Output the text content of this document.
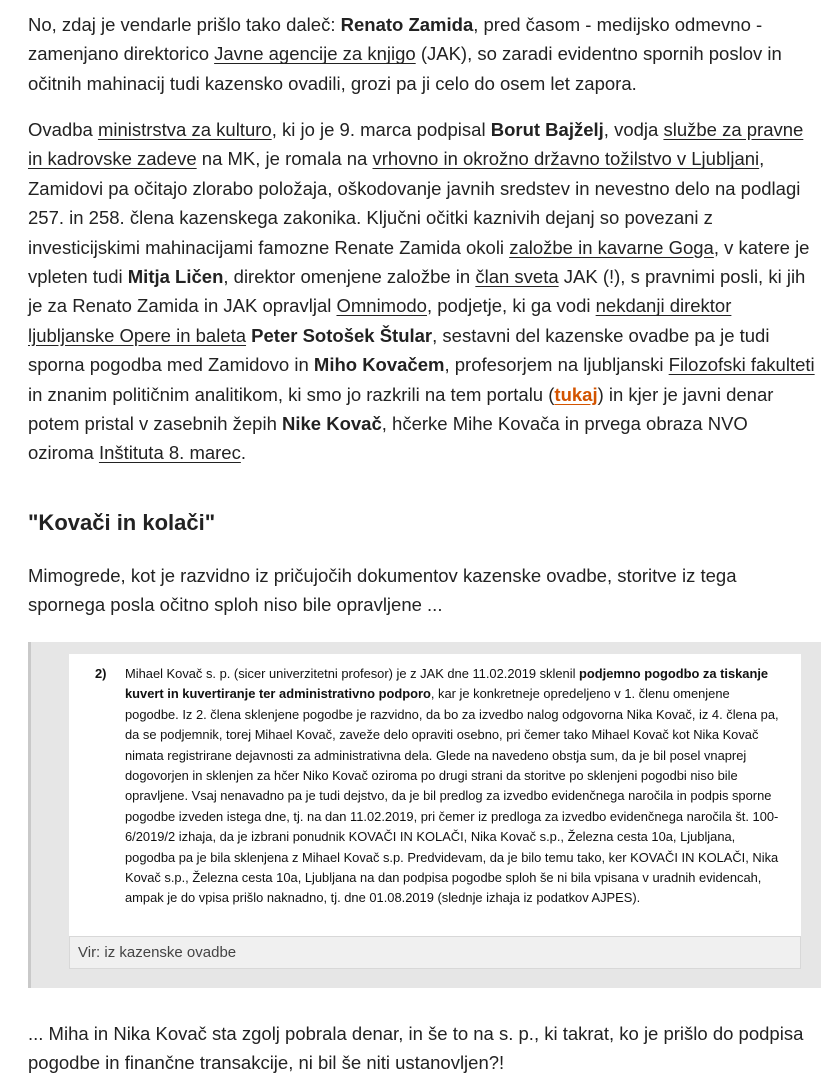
No, zdaj je vendarle prišlo tako daleč: Renato Zamida, pred časom - medijsko odmevno - zamenjano direktorico Javne agencije za knjigo (JAK), so zaradi evidentno spornih poslov in očitnih mahinacij tudi kazensko ovadili, grozi pa ji celo do osem let zapora.

Ovadba ministrstva za kulturo, ki jo je 9. marca podpisal Borut Bajželj, vodja službe za pravne in kadrovske zadeve na MK, je romala na vrhovno in okrožno državno tožilstvo v Ljubljani, Zamidovi pa očitajo zlorabo položaja, oškodovanje javnih sredstev in nevestno delo na podlagi 257. in 258. člena kazenskega zakonika. Ključni očitki kaznivih dejanj so povezani z investicijskimi mahinacijami famozne Renate Zamida okoli založbe in kavarne Goga, v katere je vpleten tudi Mitja Ličen, direktor omenjene založbe in član sveta JAK (!), s pravnimi posli, ki jih je za Renato Zamida in JAK opravljal Omnimodo, podjetje, ki ga vodi nekdanji direktor ljubljanske Opere in baleta Peter Sotošek Štular, sestavni del kazenske ovadbe pa je tudi sporna pogodba med Zamidovo in Miho Kovačem, profesorjem na ljubljanski Filozofski fakulteti in znanim političnim analitikom, ki smo jo razkrili na tem portalu (tukaj) in kjer je javni denar potem pristal v zasebnih žepih Nike Kovač, hčerke Mihe Kovača in prvega obraza NVO oziroma Inštituta 8. marec.

"Kovači in kolači"

Mimogrede, kot je razvidno iz pričujočih dokumentov kazenske ovadbe, storitve iz tega spornega posla očitno sploh niso bile opravljene ...

2)	Mihael Kovač s. p. (sicer univerzitetni profesor) je z JAK dne 11.02.2019 sklenil podjemno pogodbo za tiskanje kuvert in kuvertiranje ter administrativno podporo, kar je konkretneje opredeljeno v 1. členu omenjene pogodbe. Iz 2. člena sklenjene pogodbe je razvidno, da bo za izvedbo nalog odgovorna Nika Kovač, iz 4. člena pa, da se podjemnik, torej Mihael Kovač, zaveže delo opraviti osebno, pri čemer tako Mihael Kovač kot Nika Kovač nimata registrirane dejavnosti za administrativna dela. Glede na navedeno obstja sum, da je bil posel vnaprej dogovorjen in sklenjen za hčer Niko Kovač oziroma po drugi strani da storitve po sklenjeni pogodbi niso bile opravljene. Vsaj nenavadno pa je tudi dejstvo, da je bil predlog za izvedbo evidenčnega naročila in podpis sporne pogodbe izveden istega dne, tj. na dan 11.02.2019, pri čemer iz predloga za izvedbo evidenčnega naročila št. 100-6/2019/2 izhaja, da je izbrani ponudnik KOVAČI IN KOLAČI, Nika Kovač s.p., Železna cesta 10a, Ljubljana, pogodba pa je bila sklenjena z Mihael Kovač s.p. Predvidevam, da je bilo temu tako, ker KOVAČI IN KOLAČI, Nika Kovač s.p., Železna cesta 10a, Ljubljana na dan podpisa pogodbe sploh še ni bila vpisana v uradnih evidencah, ampak je do vpisa prišlo naknadno, tj. dne 01.08.2019 (slednje izhaja iz podatkov AJPES).
Vir: iz kazenske ovadbe

... Miha in Nika Kovač sta zgolj pobrala denar, in še to na s. p., ki takrat, ko je prišlo do podpisa pogodbe in finančne transakcije, ni bil še niti ustanovljen?!
